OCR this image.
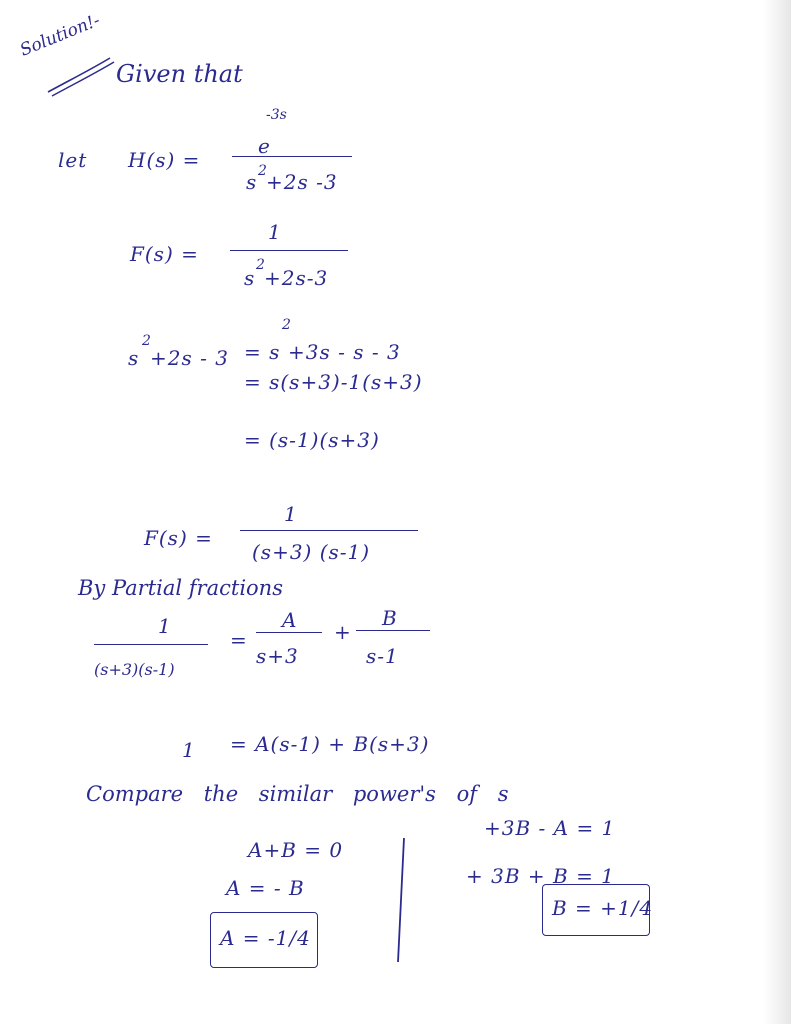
Solution!-
Given that
let H(s) =
e
-3s
s 2 +2s -3
F(s) =
1
s
2
+2s-3
s
2
+2s - 3 = s
2
+3s - s - 3
= s(s+3)-1(s+3)
= (s-1)(s+3)
F(s) =
1
(s+3) (s-1)
By Partial fractions
1
(s+3)(s-1)
=
A
s+3
+
B
s-1
1 = A(s-1) + B(s+3)
Compare the similar power's of s
A+B = 0
A = - B
A = -1/4
+3B - A = 1
+ 3B + B = 1
B = +1/4
